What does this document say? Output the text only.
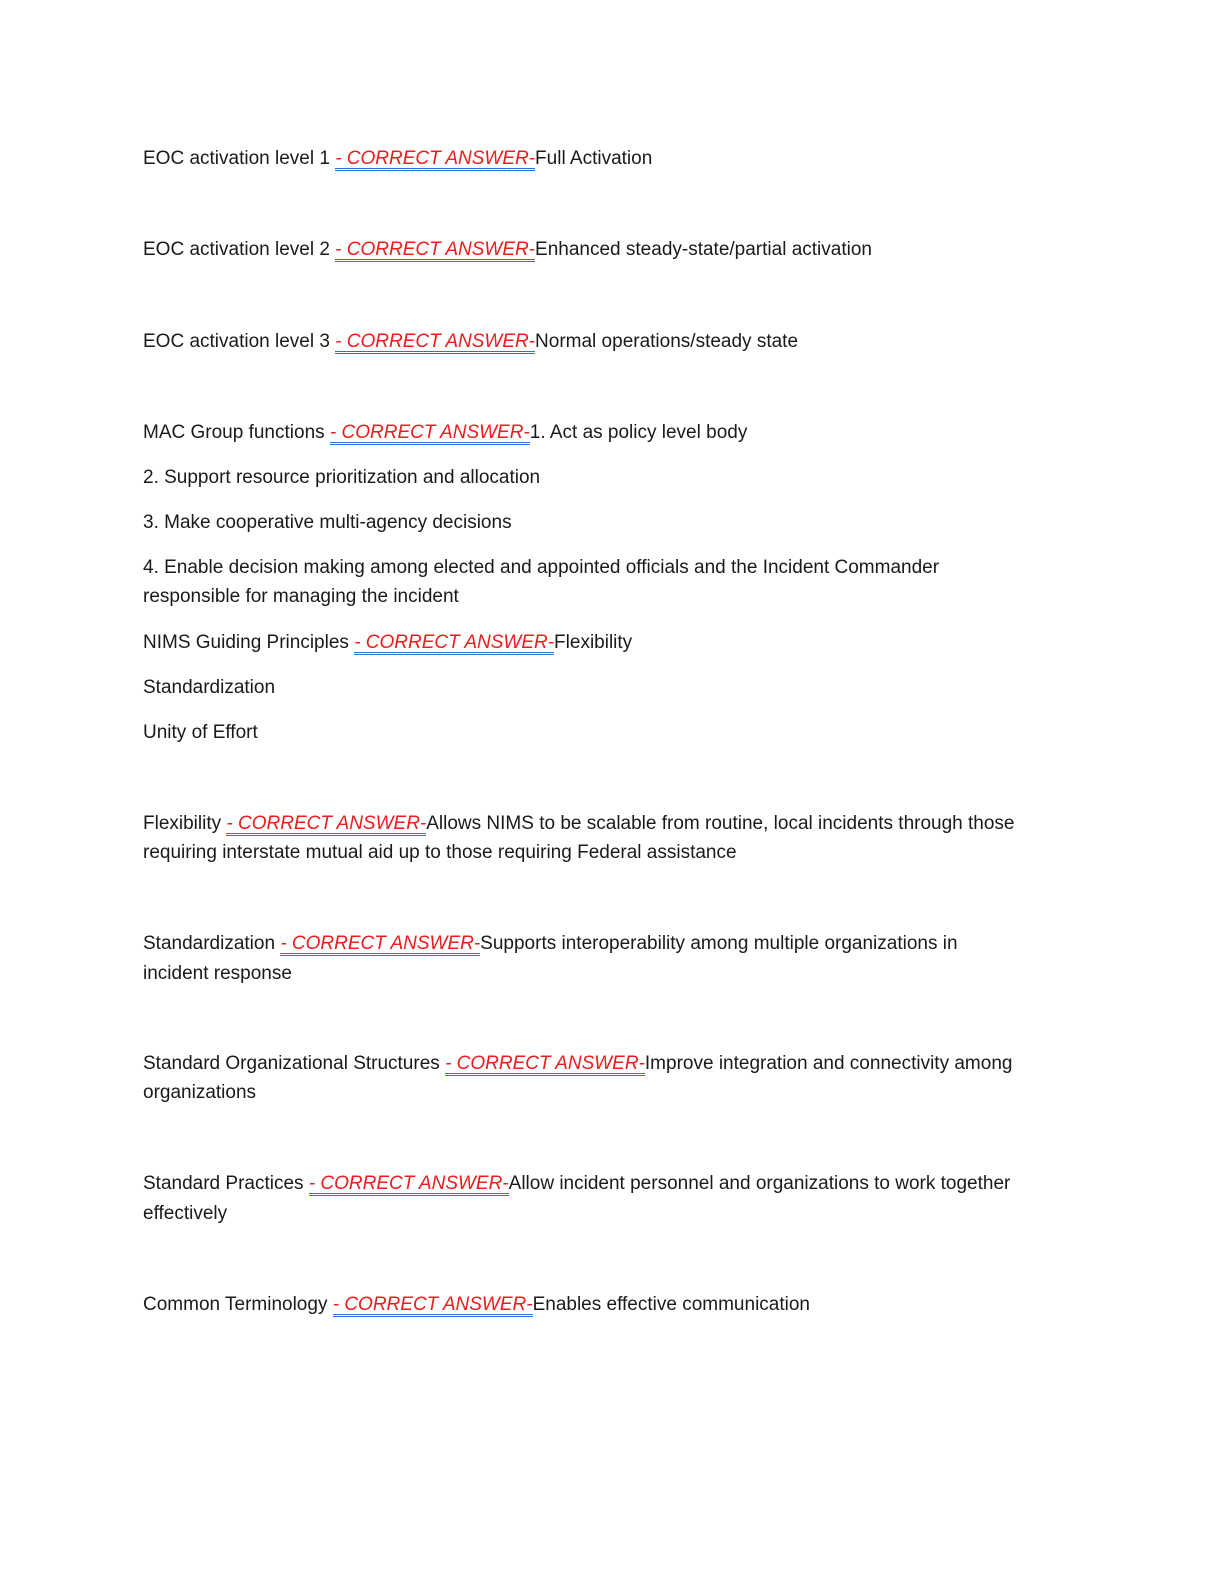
EOC activation level 1 - CORRECT ANSWER-Full Activation
EOC activation level 2 - CORRECT ANSWER-Enhanced steady-state/partial activation
EOC activation level 3 - CORRECT ANSWER-Normal operations/steady state
MAC Group functions - CORRECT ANSWER-1. Act as policy level body
2. Support resource prioritization and allocation
3. Make cooperative multi-agency decisions
4. Enable decision making among elected and appointed officials and the Incident Commander
responsible for managing the incident
NIMS Guiding Principles - CORRECT ANSWER-Flexibility
Standardization
Unity of Effort
Flexibility - CORRECT ANSWER-Allows NIMS to be scalable from routine, local incidents through those
requiring interstate mutual aid up to those requiring Federal assistance
Standardization - CORRECT ANSWER-Supports interoperability among multiple organizations in
incident response
Standard Organizational Structures - CORRECT ANSWER-Improve integration and connectivity among
organizations
Standard Practices - CORRECT ANSWER-Allow incident personnel and organizations to work together
effectively
Common Terminology - CORRECT ANSWER-Enables effective communication
